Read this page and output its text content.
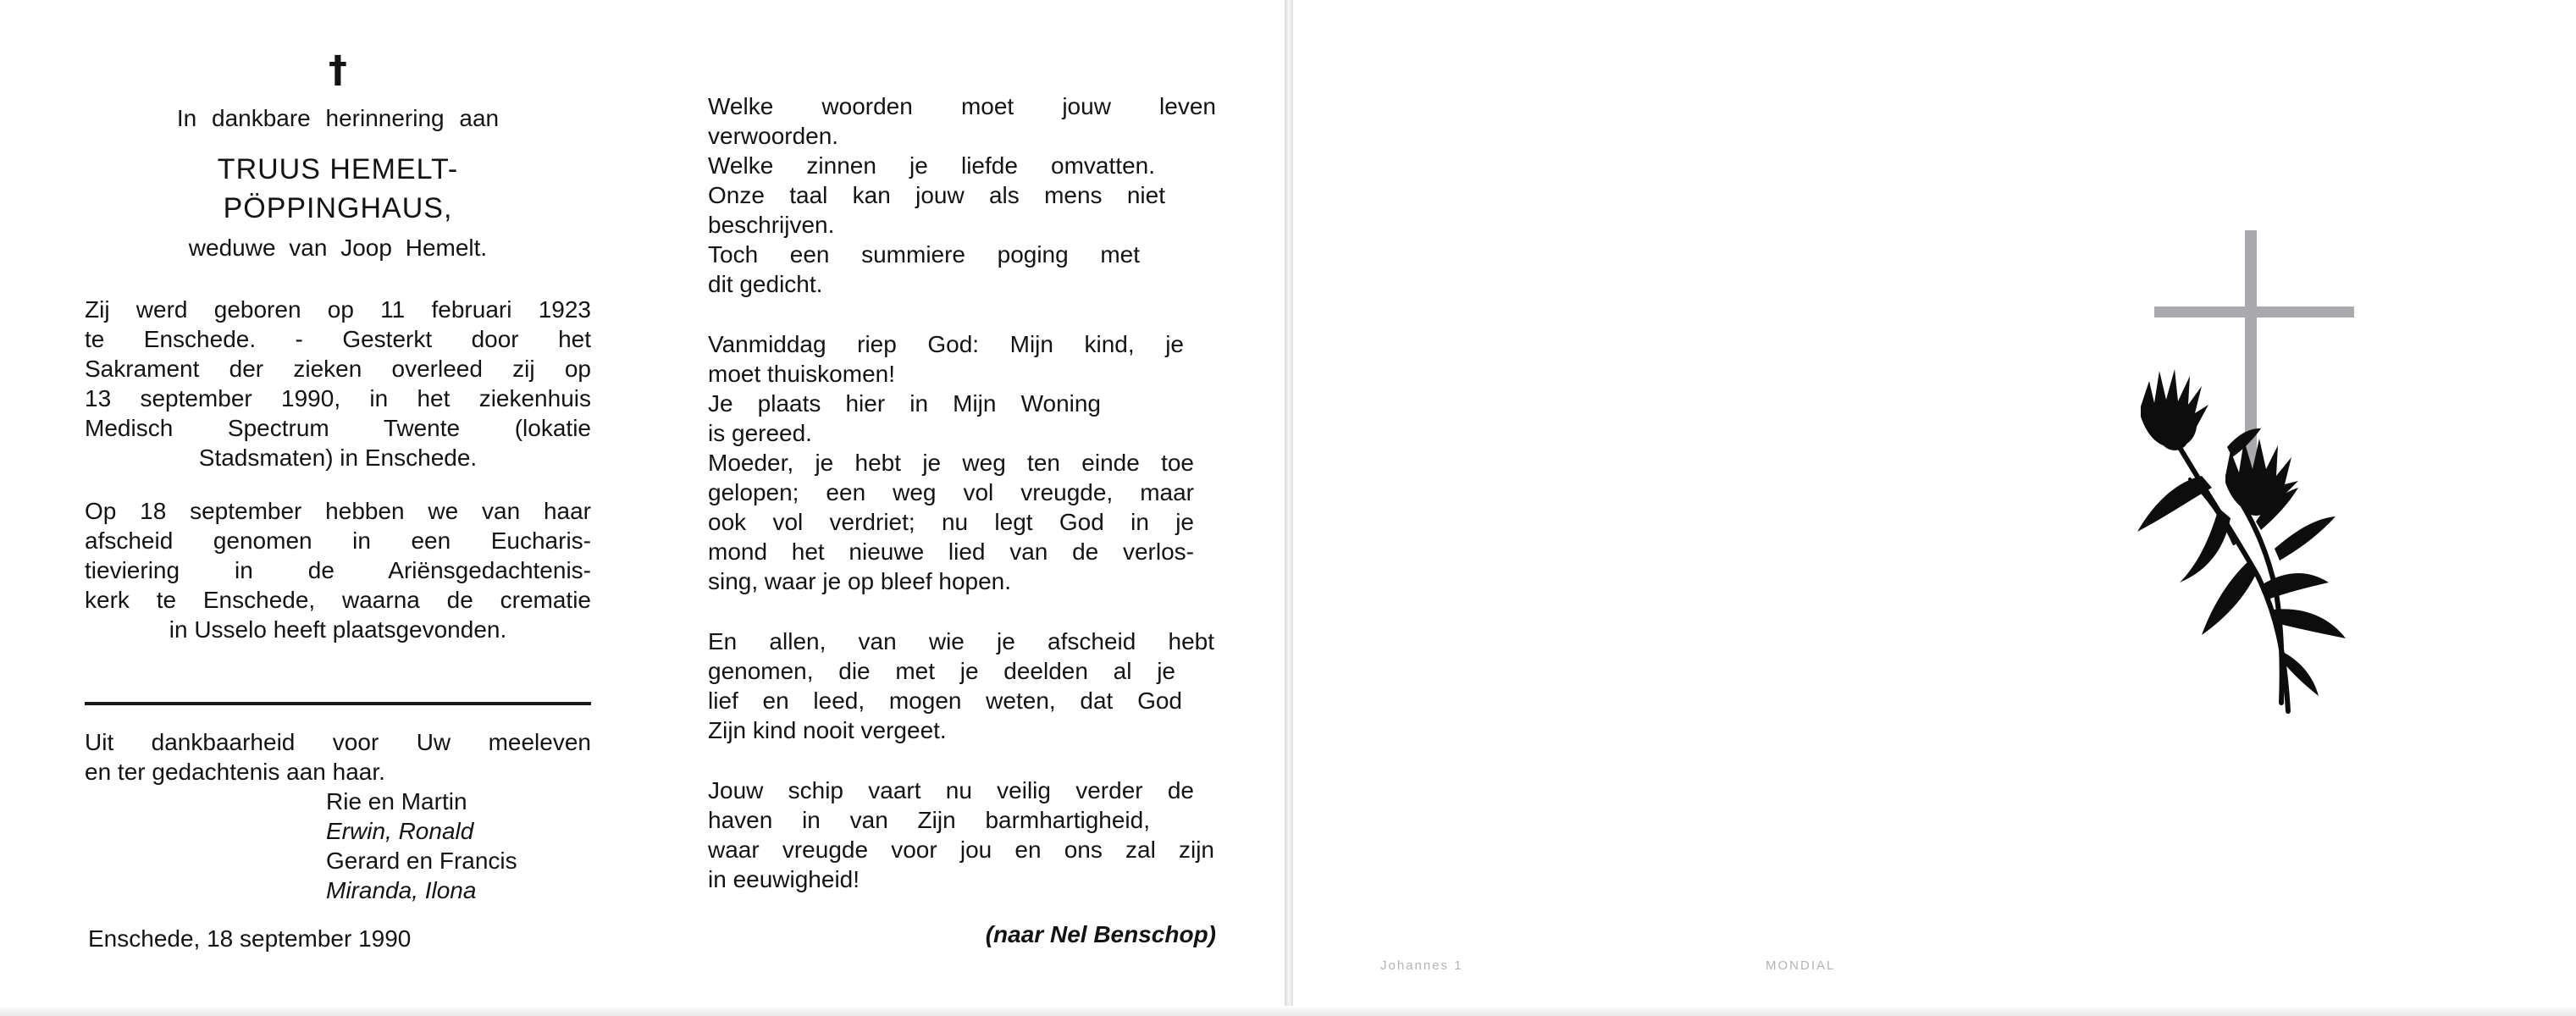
†
In dankbare herinnering aan
TRUUS HEMELT-
PÖPPINGHAUS,
weduwe van Joop Hemelt.
Zij werd geboren op 11 februari 1923
te Enschede. - Gesterkt door het
Sakrament der zieken overleed zij op
13 september 1990, in het ziekenhuis
Medisch Spectrum Twente (lokatie
Stadsmaten) in Enschede.
Op 18 september hebben we van haar
afscheid genomen in een Eucharis-
tieviering in de Ariënsgedachtenis-
kerk te Enschede, waarna de crematie
in Usselo heeft plaatsgevonden.
Uit dankbaarheid voor Uw meeleven
en ter gedachtenis aan haar.
Rie en Martin
Erwin, Ronald
Gerard en Francis
Miranda, Ilona
Enschede, 18 september 1990
Welke woorden moet jouw leven
verwoorden.
Welke zinnen je liefde omvatten.
Onze taal kan jouw als mens niet
beschrijven.
Toch een summiere poging met
dit gedicht.
Vanmiddag riep God: Mijn kind, je
moet thuiskomen!
Je plaats hier in Mijn Woning
is gereed.
Moeder, je hebt je weg ten einde toe
gelopen; een weg vol vreugde, maar
ook vol verdriet; nu legt God in je
mond het nieuwe lied van de verlos-
sing, waar je op bleef hopen.
En allen, van wie je afscheid hebt
genomen, die met je deelden al je
lief en leed, mogen weten, dat God
Zijn kind nooit vergeet.
Jouw schip vaart nu veilig verder de
haven in van Zijn barmhartigheid,
waar vreugde voor jou en ons zal zijn
in eeuwigheid!
(naar Nel Benschop)
Johannes 1	MONDIAL
